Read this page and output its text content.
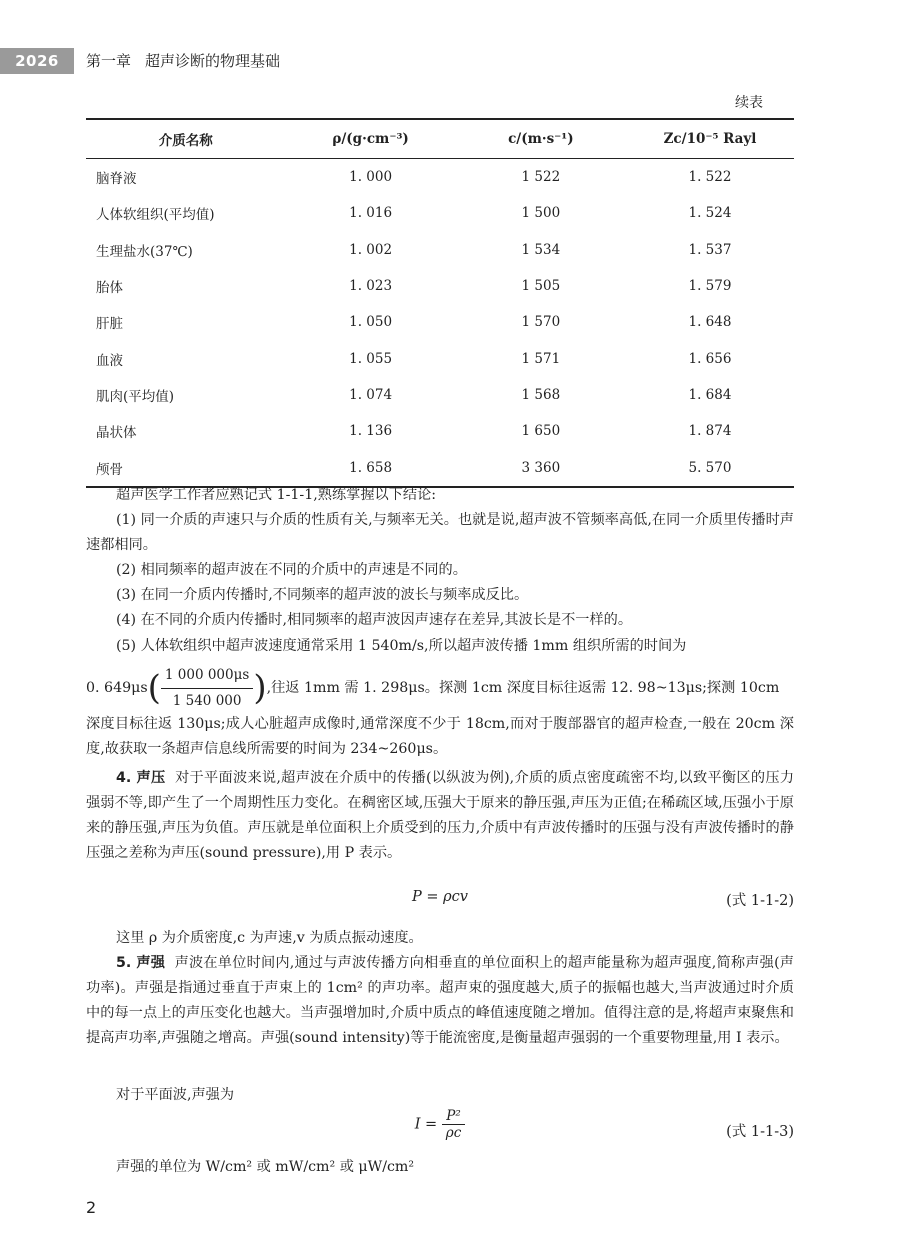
2026	第一章 超声诊断的物理基础
续表
介质名称	ρ/(g·cm⁻³)	c/(m·s⁻¹)	Zc/10⁻⁵ Rayl
脑脊液	1. 000	1 522	1. 522
人体软组织(平均值)	1. 016	1 500	1. 524
生理盐水(37℃)	1. 002	1 534	1. 537
胎体	1. 023	1 505	1. 579
肝脏	1. 050	1 570	1. 648
血液	1. 055	1 571	1. 656
肌肉(平均值)	1. 074	1 568	1. 684
晶状体	1. 136	1 650	1. 874
颅骨	1. 658	3 360	5. 570
超声医学工作者应熟记式 1-1-1,熟练掌握以下结论:
(1) 同一介质的声速只与介质的性质有关,与频率无关。也就是说,超声波不管频率高低,在同一介质里传播时声速都相同。
(2) 相同频率的超声波在不同的介质中的声速是不同的。
(3) 在同一介质内传播时,不同频率的超声波的波长与频率成反比。
(4) 在不同的介质内传播时,相同频率的超声波因声速存在差异,其波长是不一样的。
(5) 人体软组织中超声波速度通常采用 1 540m/s,所以超声波传播 1mm 组织所需的时间为
0. 649μs ( $\frac{1 000 000\mu s}{1 540 000}$ ) ,往返 1mm 需 1. 298μs。探测 1cm 深度目标往返需 12. 98~13μs;探测 10cm
深度目标往返 130μs;成人心脏超声成像时,通常深度不少于 18cm,而对于腹部器官的超声检查,一般在 20cm 深度,故获取一条超声信息线所需要的时间为 234~260μs。
4. 声压 对于平面波来说,超声波在介质中的传播(以纵波为例),介质的质点密度疏密不均,以致平衡区的压力强弱不等,即产生了一个周期性压力变化。在稠密区域,压强大于原来的静压强,声压为正值;在稀疏区域,压强小于原来的静压强,声压为负值。声压就是单位面积上介质受到的压力,介质中有声波传播时的压强与没有声波传播时的静压强之差称为声压(sound pressure),用 P 表示。
P = ρcv	(式 1-1-2)
这里 ρ 为介质密度,c 为声速,v 为质点振动速度。
5. 声强 声波在单位时间内,通过与声波传播方向相垂直的单位面积上的超声能量称为超声强度,简称声强(声功率)。声强是指通过垂直于声束上的 1cm² 的声功率。超声束的强度越大,质子的振幅也越大,当声波通过时介质中的每一点上的声压变化也越大。当声强增加时,介质中质点的峰值速度随之增加。值得注意的是,将超声束聚焦和提高声功率,声强随之增高。声强(sound intensity)等于能流密度,是衡量超声强弱的一个重要物理量,用 I 表示。
对于平面波,声强为
$I = \frac{\text{P²}}{\rho c}$	(式 1-1-3)
声强的单位为 W/cm² 或 mW/cm² 或 μW/cm²
2
